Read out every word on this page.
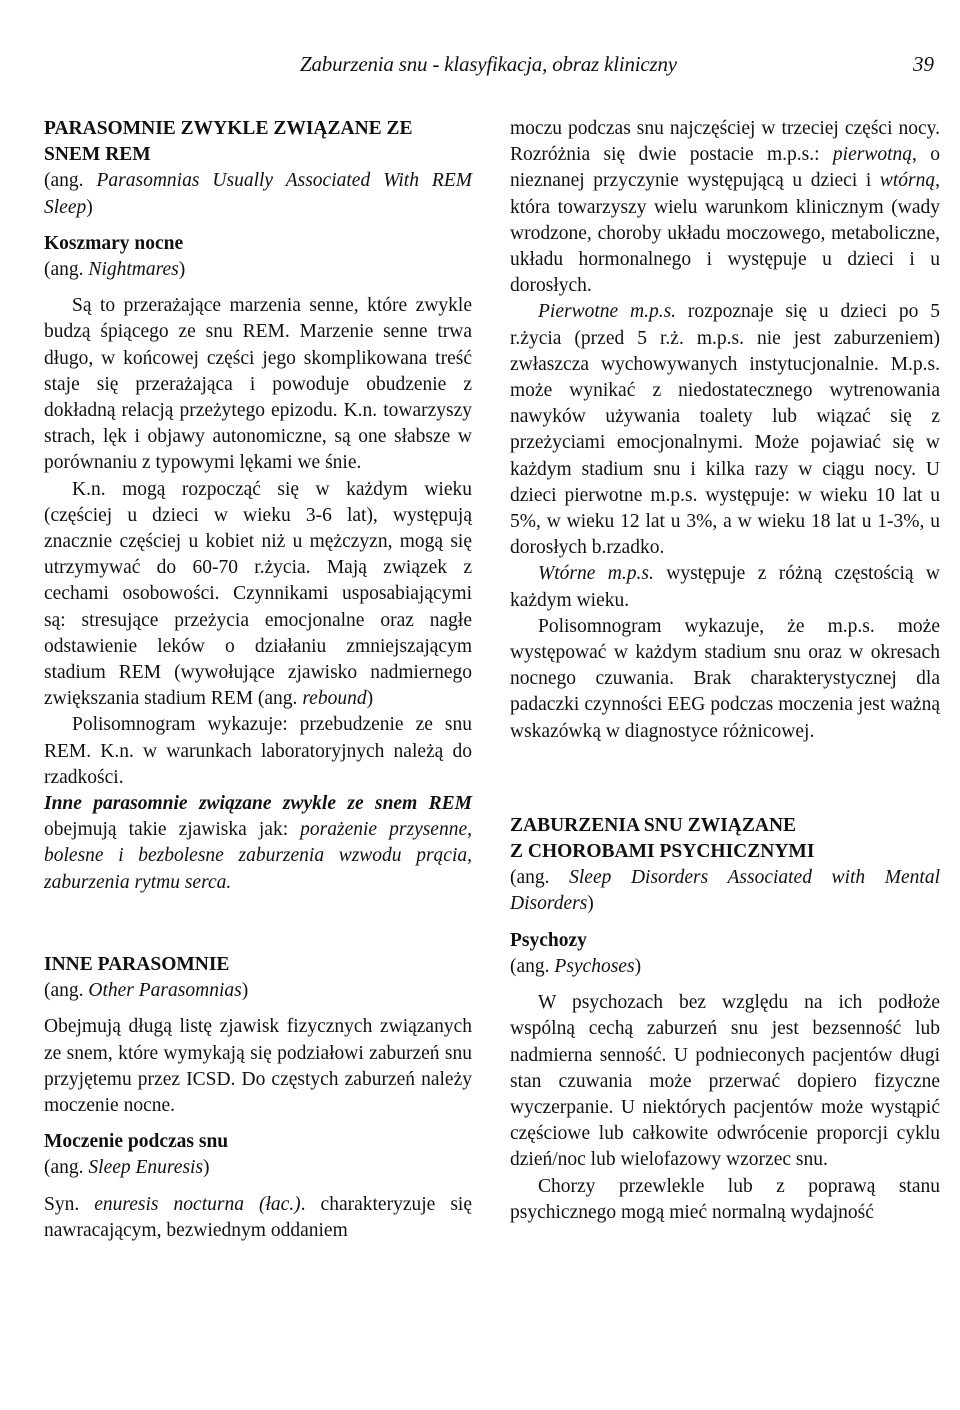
Zaburzenia snu - klasyfikacja, obraz kliniczny	39
PARASOMNIE ZWYKLE ZWIĄZANE ZE
SNEM REM

(ang. Parasomnias Usually Associated With REM Sleep)

Koszmary nocne

(ang. Nightmares)

Są to przerażające marzenia senne, które zwykle budzą śpiącego ze snu REM. Marzenie senne trwa długo, w końcowej części jego skomplikowana treść staje się przerażająca i powoduje obudzenie z dokładną relacją przeżytego epizodu. K.n. towarzyszy strach, lęk i objawy autonomiczne, są one słabsze w porównaniu z typowymi lękami we śnie.

K.n. mogą rozpocząć się w każdym wieku (częściej u dzieci w wieku 3-6 lat), występują znacznie częściej u kobiet niż u mężczyzn, mogą się utrzymywać do 60-70 r.życia. Mają związek z cechami osobowości. Czynnikami usposabiającymi są: stresujące przeżycia emocjonalne oraz nagłe odstawienie leków o działaniu zmniejszającym stadium REM (wywołujące zjawisko nadmiernego zwiększania stadium REM (ang. rebound)

Polisomnogram wykazuje: przebudzenie ze snu REM. K.n. w warunkach laboratoryjnych należą do rzadkości.

Inne parasomnie związane zwykle ze snem REM obejmują takie zjawiska jak: porażenie przysenne, bolesne i bezbolesne zaburzenia wzwodu prącia, zaburzenia rytmu serca.

INNE PARASOMNIE

(ang. Other Parasomnias)

Obejmują długą listę zjawisk fizycznych związanych ze snem, które wymykają się podziałowi zaburzeń snu przyjętemu przez ICSD. Do częstych zaburzeń należy moczenie nocne.

Moczenie podczas snu

(ang. Sleep Enuresis)

Syn. enuresis nocturna (łac.). charakteryzuje się nawracającym, bezwiednym oddaniem

moczu podczas snu najczęściej w trzeciej części nocy. Rozróżnia się dwie postacie m.p.s.: pierwotną, o nieznanej przyczynie występującą u dzieci i wtórną, która towarzyszy wielu warunkom klinicznym (wady wrodzone, choroby układu moczowego, metaboliczne, układu hormonalnego i występuje u dzieci i u dorosłych.

Pierwotne m.p.s. rozpoznaje się u dzieci po 5 r.życia (przed 5 r.ż. m.p.s. nie jest zaburzeniem) zwłaszcza wychowywanych instytucjonalnie. M.p.s. może wynikać z niedostatecznego wytrenowania nawyków używania toalety lub wiązać się z przeżyciami emocjonalnymi. Może pojawiać się w każdym stadium snu i kilka razy w ciągu nocy. U dzieci pierwotne m.p.s. występuje: w wieku 10 lat u 5%, w wieku 12 lat u 3%, a w wieku 18 lat u 1-3%, u dorosłych b.rzadko.

Wtórne m.p.s. występuje z różną częstością w każdym wieku.

Polisomnogram wykazuje, że m.p.s. może występować w każdym stadium snu oraz w okresach nocnego czuwania. Brak charakterystycznej dla padaczki czynności EEG podczas moczenia jest ważną wskazówką w diagnostyce różnicowej.

ZABURZENIA SNU ZWIĄZANE
Z CHOROBAMI PSYCHICZNYMI

(ang. Sleep Disorders Associated with Mental Disorders)

Psychozy

(ang. Psychoses)

W psychozach bez względu na ich podłoże wspólną cechą zaburzeń snu jest bezsenność lub nadmierna senność. U podnieconych pacjentów długi stan czuwania może przerwać dopiero fizyczne wyczerpanie. U niektórych pacjentów może wystąpić częściowe lub całkowite odwrócenie proporcji cyklu dzień/noc lub wielofazowy wzorzec snu.

Chorzy przewlekle lub z poprawą stanu psychicznego mogą mieć normalną wydajność
